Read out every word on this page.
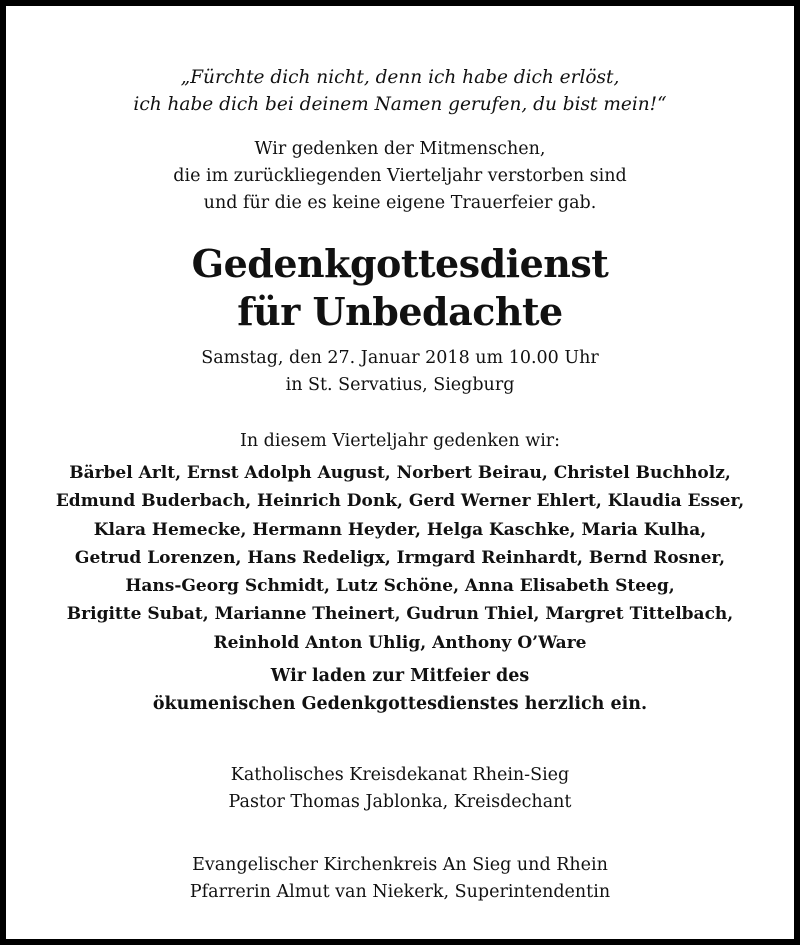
„Fürchte dich nicht, denn ich habe dich erlöst,
ich habe dich bei deinem Namen gerufen, du bist mein!“
Wir gedenken der Mitmenschen,
die im zurückliegenden Vierteljahr verstorben sind
und für die es keine eigene Trauerfeier gab.
Gedenkgottesdienst
für Unbedachte
Samstag, den 27. Januar 2018 um 10.00 Uhr
in St. Servatius, Siegburg
In diesem Vierteljahr gedenken wir:
Bärbel Arlt, Ernst Adolph August, Norbert Beirau, Christel Buchholz,
Edmund Buderbach, Heinrich Donk, Gerd Werner Ehlert, Klaudia Esser,
Klara Hemecke, Hermann Heyder, Helga Kaschke, Maria Kulha,
Getrud Lorenzen, Hans Redeligx, Irmgard Reinhardt, Bernd Rosner,
Hans-Georg Schmidt, Lutz Schöne, Anna Elisabeth Steeg,
Brigitte Subat, Marianne Theinert, Gudrun Thiel, Margret Tittelbach,
Reinhold Anton Uhlig, Anthony O’Ware
Wir laden zur Mitfeier des
ökumenischen Gedenkgottesdienstes herzlich ein.
Katholisches Kreisdekanat Rhein-Sieg
Pastor Thomas Jablonka, Kreisdechant
Evangelischer Kirchenkreis An Sieg und Rhein
Pfarrerin Almut van Niekerk, Superintendentin
